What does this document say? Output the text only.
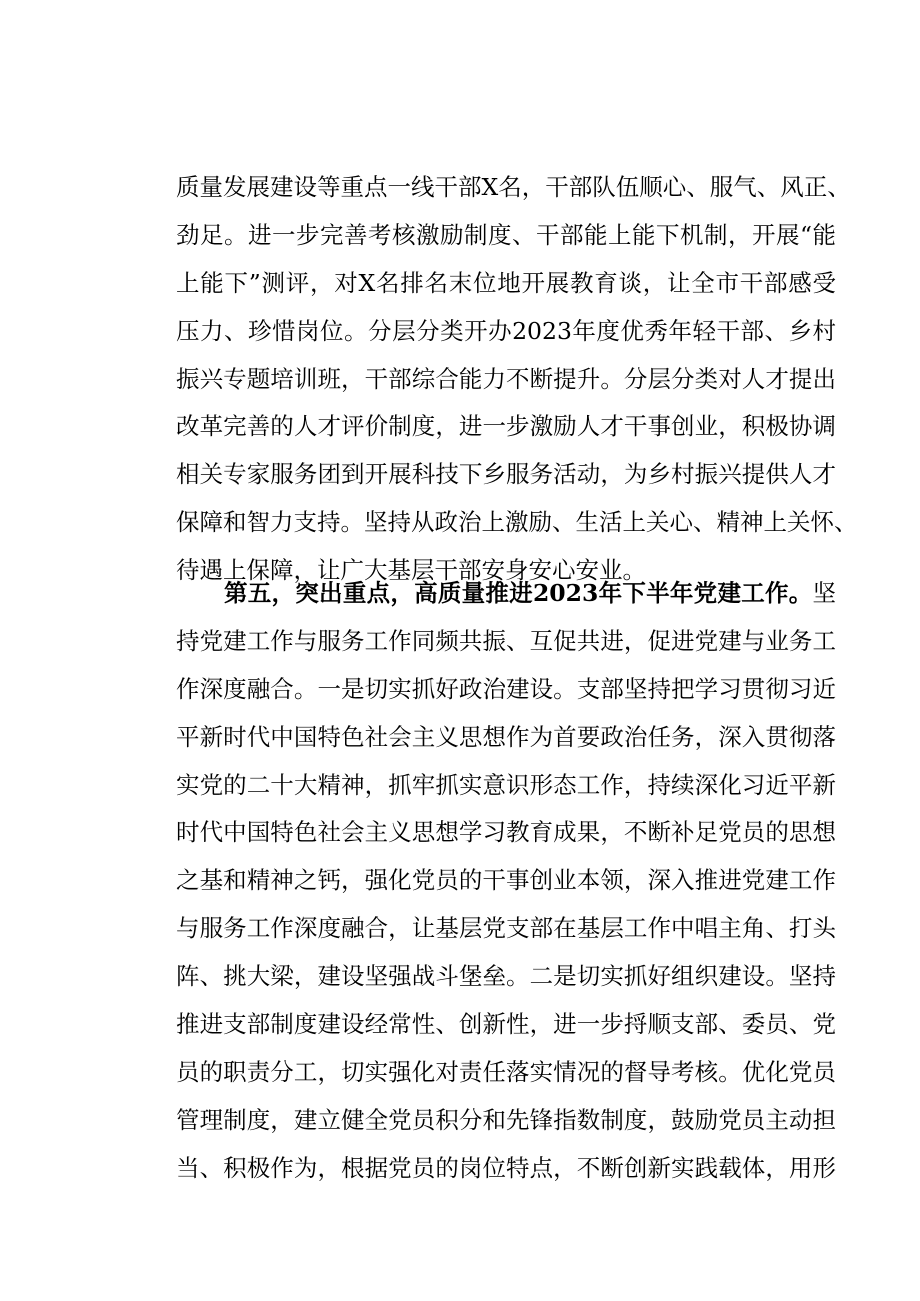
质量发展建设等重点一线干部X名，干部队伍顺心、服气、风正、
劲足。进一步完善考核激励制度、干部能上能下机制，开展“能
上能下”测评，对X名排名末位地开展教育谈，让全市干部感受
压力、珍惜岗位。分层分类开办2023年度优秀年轻干部、乡村
振兴专题培训班，干部综合能力不断提升。分层分类对人才提出
改革完善的人才评价制度，进一步激励人才干事创业，积极协调
相关专家服务团到开展科技下乡服务活动，为乡村振兴提供人才
保障和智力支持。坚持从政治上激励、生活上关心、精神上关怀、
待遇上保障，让广大基层干部安身安心安业。
第五，突出重点，高质量推进2023年下半年党建工作。坚
持党建工作与服务工作同频共振、互促共进，促进党建与业务工
作深度融合。一是切实抓好政治建设。支部坚持把学习贯彻习近
平新时代中国特色社会主义思想作为首要政治任务，深入贯彻落
实党的二十大精神，抓牢抓实意识形态工作，持续深化习近平新
时代中国特色社会主义思想学习教育成果，不断补足党员的思想
之基和精神之钙，强化党员的干事创业本领，深入推进党建工作
与服务工作深度融合，让基层党支部在基层工作中唱主角、打头
阵、挑大梁，建设坚强战斗堡垒。二是切实抓好组织建设。坚持
推进支部制度建设经常性、创新性，进一步捋顺支部、委员、党
员的职责分工，切实强化对责任落实情况的督导考核。优化党员
管理制度，建立健全党员积分和先锋指数制度，鼓励党员主动担
当、积极作为，根据党员的岗位特点，不断创新实践载体，用形
